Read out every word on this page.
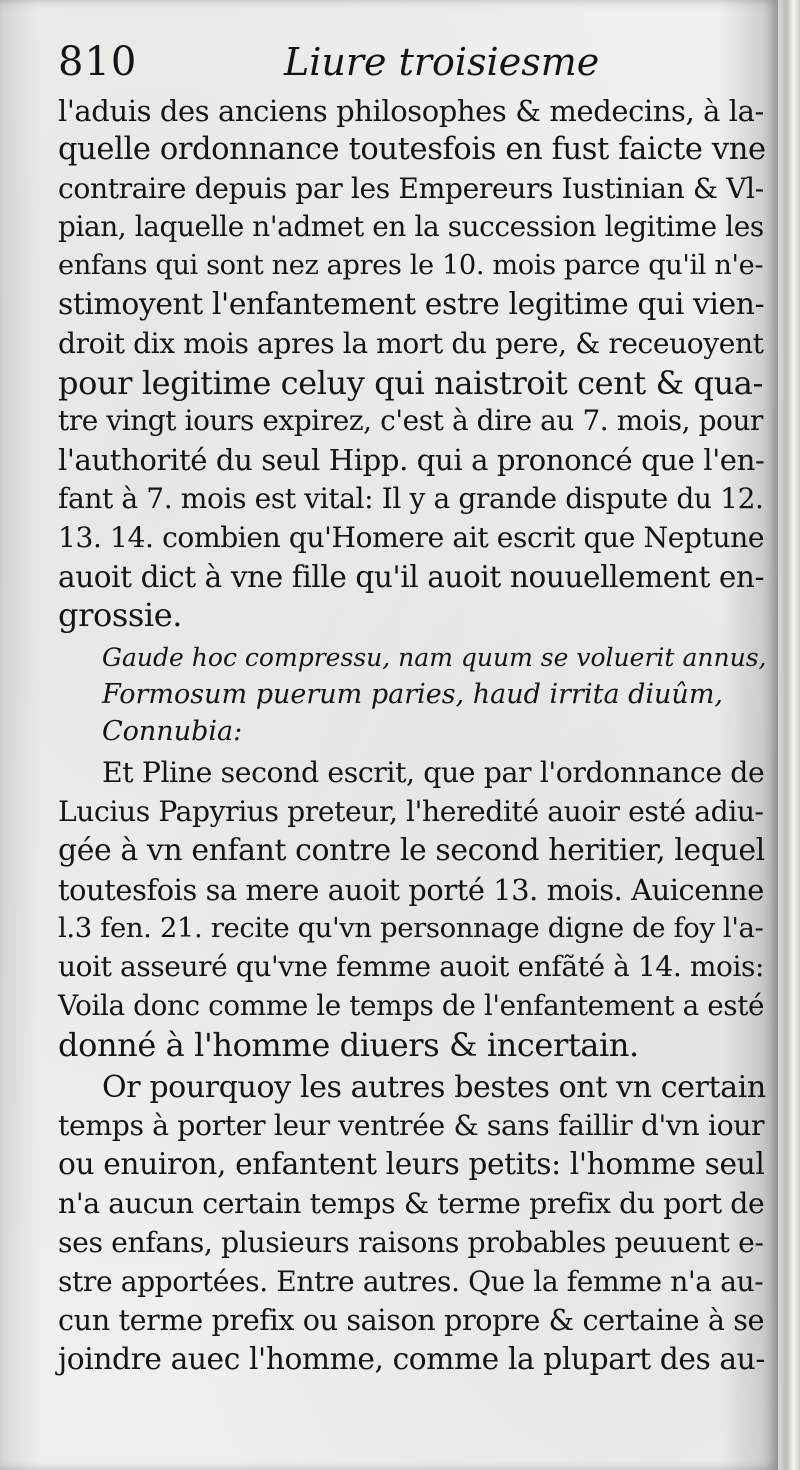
810	Liure troisiesme
l'aduis des anciens philosophes & medecins, à la-
quelle ordonnance toutesfois en fust faicte vne
contraire depuis par les Empereurs Iustinian & Vl-
pian, laquelle n'admet en la succession legitime les
enfans qui sont nez apres le 10. mois parce qu'il n'e-
stimoyent l'enfantement estre legitime qui vien-
droit dix mois apres la mort du pere, & receuoyent
pour legitime celuy qui naistroit cent & qua-
tre vingt iours expirez, c'est à dire au 7. mois, pour
l'authorité du seul Hipp. qui a prononcé que l'en-
fant à 7. mois est vital: Il y a grande dispute du 12.
13. 14. combien qu'Homere ait escrit que Neptune
auoit dict à vne fille qu'il auoit nouuellement en-
grossie.
Gaude hoc compressu, nam quum se voluerit annus,
Formosum puerum paries, haud irrita diuûm,
Connubia:
Et Pline second escrit, que par l'ordonnance de
Lucius Papyrius preteur, l'heredité auoir esté adiu-
gée à vn enfant contre le second heritier, lequel
toutesfois sa mere auoit porté 13. mois. Auicenne
l.3 fen. 21. recite qu'vn personnage digne de foy l'a-
uoit asseuré qu'vne femme auoit enfãté à 14. mois:
Voila donc comme le temps de l'enfantement a esté
donné à l'homme diuers & incertain.
Or pourquoy les autres bestes ont vn certain
temps à porter leur ventrée & sans faillir d'vn iour
ou enuiron, enfantent leurs petits: l'homme seul
n'a aucun certain temps & terme prefix du port de
ses enfans, plusieurs raisons probables peuuent e-
stre apportées. Entre autres. Que la femme n'a au-
cun terme prefix ou saison propre & certaine à se
joindre auec l'homme, comme la plupart des au-
